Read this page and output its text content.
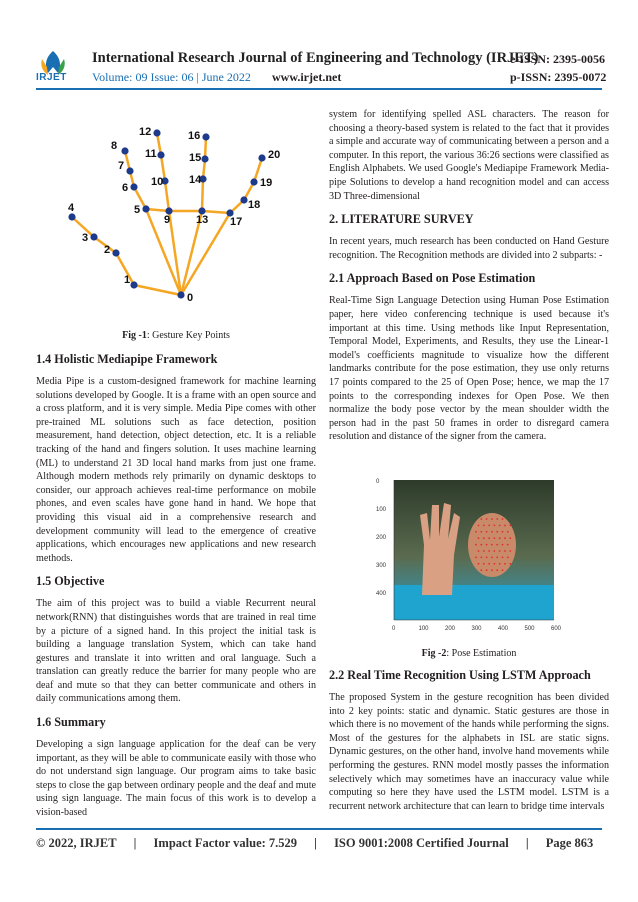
IRJET
International Research Journal of Engineering and Technology (IRJET)
e-ISSN: 2395-0056
Volume: 09 Issue: 06 | June 2022 www.irjet.net	p-ISSN: 2395-0072
0
1
2
3
4	5
6
7
8
9
10
11
12
13
14
15
16
17
18
19
20
Fig -1: Gesture Key Points
1.4 Holistic Mediapipe Framework

Media Pipe is a custom-designed framework for machine learning solutions developed by Google. It is a frame with an open source and a cross platform, and it is very simple. Media Pipe comes with other pre-trained ML solutions such as face detection, position measurement, hand detection, object detection, etc. It is a reliable tracking of the hand and fingers solution. It uses machine learning (ML) to understand 21 3D local hand marks from just one frame. Although modern methods rely primarily on dynamic desktops to consider, our approach achieves real-time performance on mobile phones, and even scales have gone hand in hand. We hope that providing this visual aid in a comprehensive research and development community will lead to the emergence of creative applications, which encourages new applications and new research methods.

1.5 Objective

The aim of this project was to build a viable Recurrent neural network(RNN) that distinguishes words that are trained in real time by a picture of a signed hand. In this project the initial task is building a language translation System, which can take hand gestures and translate it into written and oral language. Such a translation can greatly reduce the barrier for many people who are deaf and mute so that they can better communicate and others in daily communications among them.

1.6 Summary

Developing a sign language application for the deaf can be very important, as they will be able to communicate easily with those who do not understand sign language. Our program aims to take basic steps to close the gap between ordinary people and the deaf and mute using sign language. The main focus of this work is to develop a vision-based

system for identifying spelled ASL characters. The reason for choosing a theory-based system is related to the fact that it provides a simple and accurate way of communicating between a person and a computer. In this report, the various 36:26 sections were classified as English Alphabets. We used Google's Mediapipe Framework Media-pipe Solutions to develop a hand recognition model and can access 3D Three-dimensional

2. LITERATURE SURVEY

In recent years, much research has been conducted on Hand Gesture recognition. The Recognition methods are divided into 2 subparts: -

2.1 Approach Based on Pose Estimation

Real-Time Sign Language Detection using Human Pose Estimation paper, here video conferencing technique is used because it's important at this time. Using methods like Input Representation, Temporal Model, Experiments, and Results, they use the Linear-1 model's coefficients magnitude to visualize how the different landmarks contribute for the pose estimation, they use only returns 17 points compared to the 25 of Open Pose; hence, we map the 17 points to the corresponding indexes for Open Pose. We then normalize the body pose vector by the mean shoulder width the person had in the past 50 frames in order to disregard camera resolution and distance of the signer from the camera.

0
100
200
300
400
0	100	200	300	400	500	600
Fig -2: Pose Estimation
2.2 Real Time Recognition Using LSTM Approach

The proposed System in the gesture recognition has been divided into 2 key points: static and dynamic. Static gestures are those in which there is no movement of the hands while performing the signs. Most of the gestures for the alphabets in ISL are static signs. Dynamic gestures, on the other hand, involve hand movements while performing the gestures. RNN model mostly passes the information selectively which may sometimes have an inaccuracy value while computing so here they have used the LSTM model. LSTM is a recurrent network architecture that can learn to bridge time intervals

© 2022, IRJET | Impact Factor value: 7.529 | ISO 9001:2008 Certified Journal | Page 863
